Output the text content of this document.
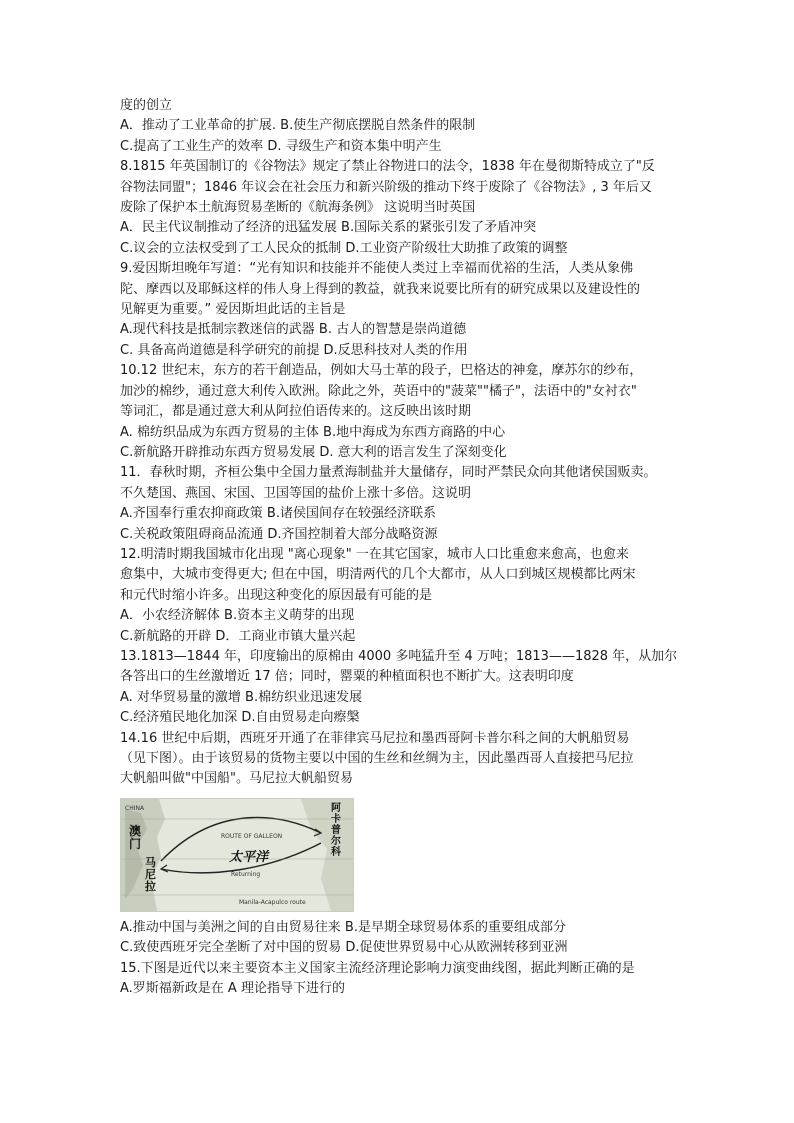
度的创立
A．推动了工业革命的扩展. B.使生产彻底摆脱自然条件的限制
C.提高了工业生产的效率 D. 寻级生产和资本集中明产生
8.1815 年英国制订的《谷物法》规定了禁止谷物进口的法令，1838 年在曼彻斯特成立了"反
谷物法同盟"；1846 年议会在社会压力和新兴阶级的推动下终于废除了《谷物法》, 3 年后又
废除了保护本土航海贸易垄断的《航海条例》 这说明当时英国
A．民主代议制推动了经济的迅猛发展 B.国际关系的紧张引发了矛盾冲突
C.议会的立法权受到了工人民众的抵制 D.工业资产阶级壮大助推了政策的调整
9.爱因斯坦晚年写道：“光有知识和技能并不能使人类过上幸福而优裕的生活，人类从象佛
陀、摩西以及耶稣这样的伟人身上得到的教益，就我来说要比所有的研究成果以及建设性的
见解更为重要。” 爱因斯坦此话的主旨是
A.现代科技是抵制宗教迷信的武器 B. 古人的智慧是崇尚道德
C. 具备高尚道德是科学研究的前提 D.反思科技对人类的作用
10.12 世纪末，东方的若干創造品，例如大马士革的段子，巴格达的神龛，摩苏尔的纱布，
加沙的棉纱，通过意大利传入欧洲。除此之外，英语中的"菠菜""橘子"，法语中的"女衬衣"
等词汇，都是通过意大利从阿拉伯语传来的。这反映出该时期
A. 棉纺织品成为东西方贸易的主体 B.地中海成为东西方商路的中心
C.新航路开辟推动东西方贸易发展 D. 意大利的语言发生了深刻变化
11．春秋时期，齐桓公集中全国力量煮海制盐并大量储存，同时严禁民众向其他诸侯国贩卖。
不久楚国、燕国、宋国、卫国等国的盐价上涨十多倍。这说明
A.齐国奉行重农抑商政策 B.诸侯国间存在较强经济联系
C.关税政策阻碍商品流通 D.齐国控制着大部分战略资源
12.明清时期我国城市化出现 "离心现象" 一在其它国家，城市人口比重愈来愈高，也愈来
愈集中，大城市变得更大; 但在中国，明清两代的几个大都市，从人口到城区规模都比两宋
和元代时缩小许多。出现这种变化的原因最有可能的是
A．小农经济解体 B.资本主义萌芽的出现
C.新航路的开辟 D．工商业市镇大量兴起
13.1813—1844 年，印度输出的原棉由 4000 多吨猛升至 4 万吨；1813——1828 年，从加尔
各答出口的生丝激增近 17 倍；同时，罂粟的种植面积也不断扩大。这表明印度
A. 对华贸易量的激增 B.棉纺织业迅速发展
C.经济殖民地化加深 D.自由贸易走向瘵槃
14.16 世纪中后期，西班牙开通了在菲律宾马尼拉和墨西哥阿卡普尔科之间的大帆船贸易
（见下图）。由于该贸易的货物主要以中国的生丝和丝绸为主，因此墨西哥人直接把马尼拉
大帆船叫做"中国船"。马尼拉大帆船贸易
CHINA
澳
门
马
尼
拉
阿
卡
普
尔
科
太平洋
ROUTE OF GALLEON
Returning
Manila-Acapulco route
A.推动中国与美洲之间的自由贸易往来 B.是早期全球贸易体系的重要组成部分
C.致使西班牙完全垄断了对中国的贸易 D.促使世界贸易中心从欧洲转移到亚洲
15.下图是近代以来主要资本主义国家主流经济理论影响力演变曲线图，据此判断正确的是
A.罗斯福新政是在 A 理论指导下进行的
